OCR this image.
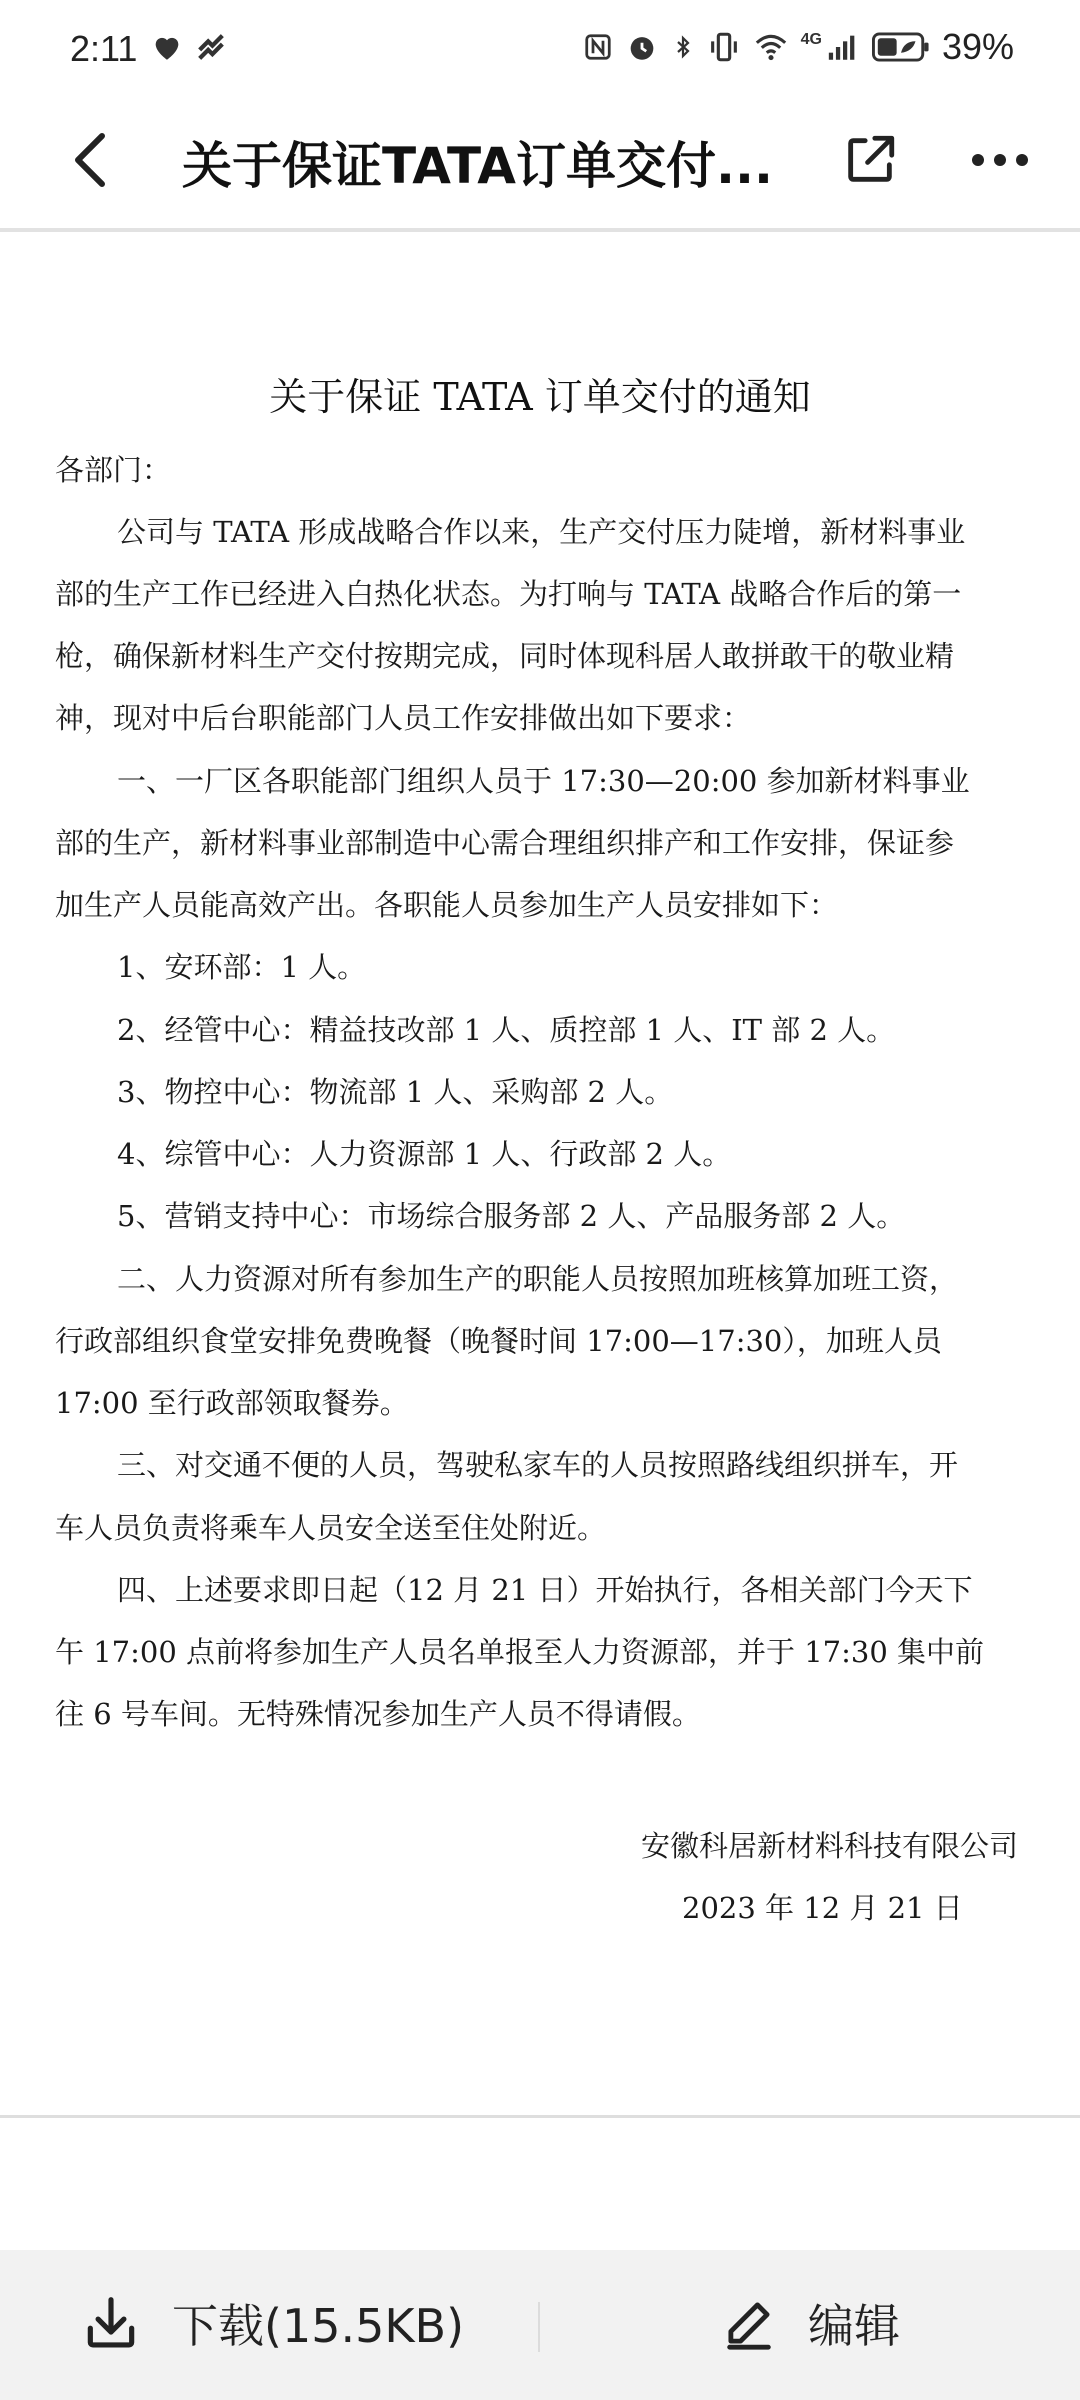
2:11	4G	39%
关于保证TATA订单交付...
关于保证 TATA 订单交付的通知
各部门：
公司与 TATA 形成战略合作以来，生产交付压力陡增，新材料事业
部的生产工作已经进入白热化状态。为打响与 TATA 战略合作后的第一
枪，确保新材料生产交付按期完成，同时体现科居人敢拼敢干的敬业精
神，现对中后台职能部门人员工作安排做出如下要求：
一、一厂区各职能部门组织人员于 17:30—20:00 参加新材料事业
部的生产，新材料事业部制造中心需合理组织排产和工作安排，保证参
加生产人员能高效产出。各职能人员参加生产人员安排如下：
1、安环部：1 人。
2、经管中心：精益技改部 1 人、质控部 1 人、IT 部 2 人。
3、物控中心：物流部 1 人、采购部 2 人。
4、综管中心：人力资源部 1 人、行政部 2 人。
5、营销支持中心：市场综合服务部 2 人、产品服务部 2 人。
二、人力资源对所有参加生产的职能人员按照加班核算加班工资，
行政部组织食堂安排免费晚餐（晚餐时间 17:00—17:30），加班人员
17:00 至行政部领取餐券。
三、对交通不便的人员，驾驶私家车的人员按照路线组织拼车，开
车人员负责将乘车人员安全送至住处附近。
四、上述要求即日起（12 月 21 日）开始执行，各相关部门今天下
午 17:00 点前将参加生产人员名单报至人力资源部，并于 17:30 集中前
往 6 号车间。无特殊情况参加生产人员不得请假。
安徽科居新材料科技有限公司
2023 年 12 月 21 日
下载(15.5KB)	编辑
